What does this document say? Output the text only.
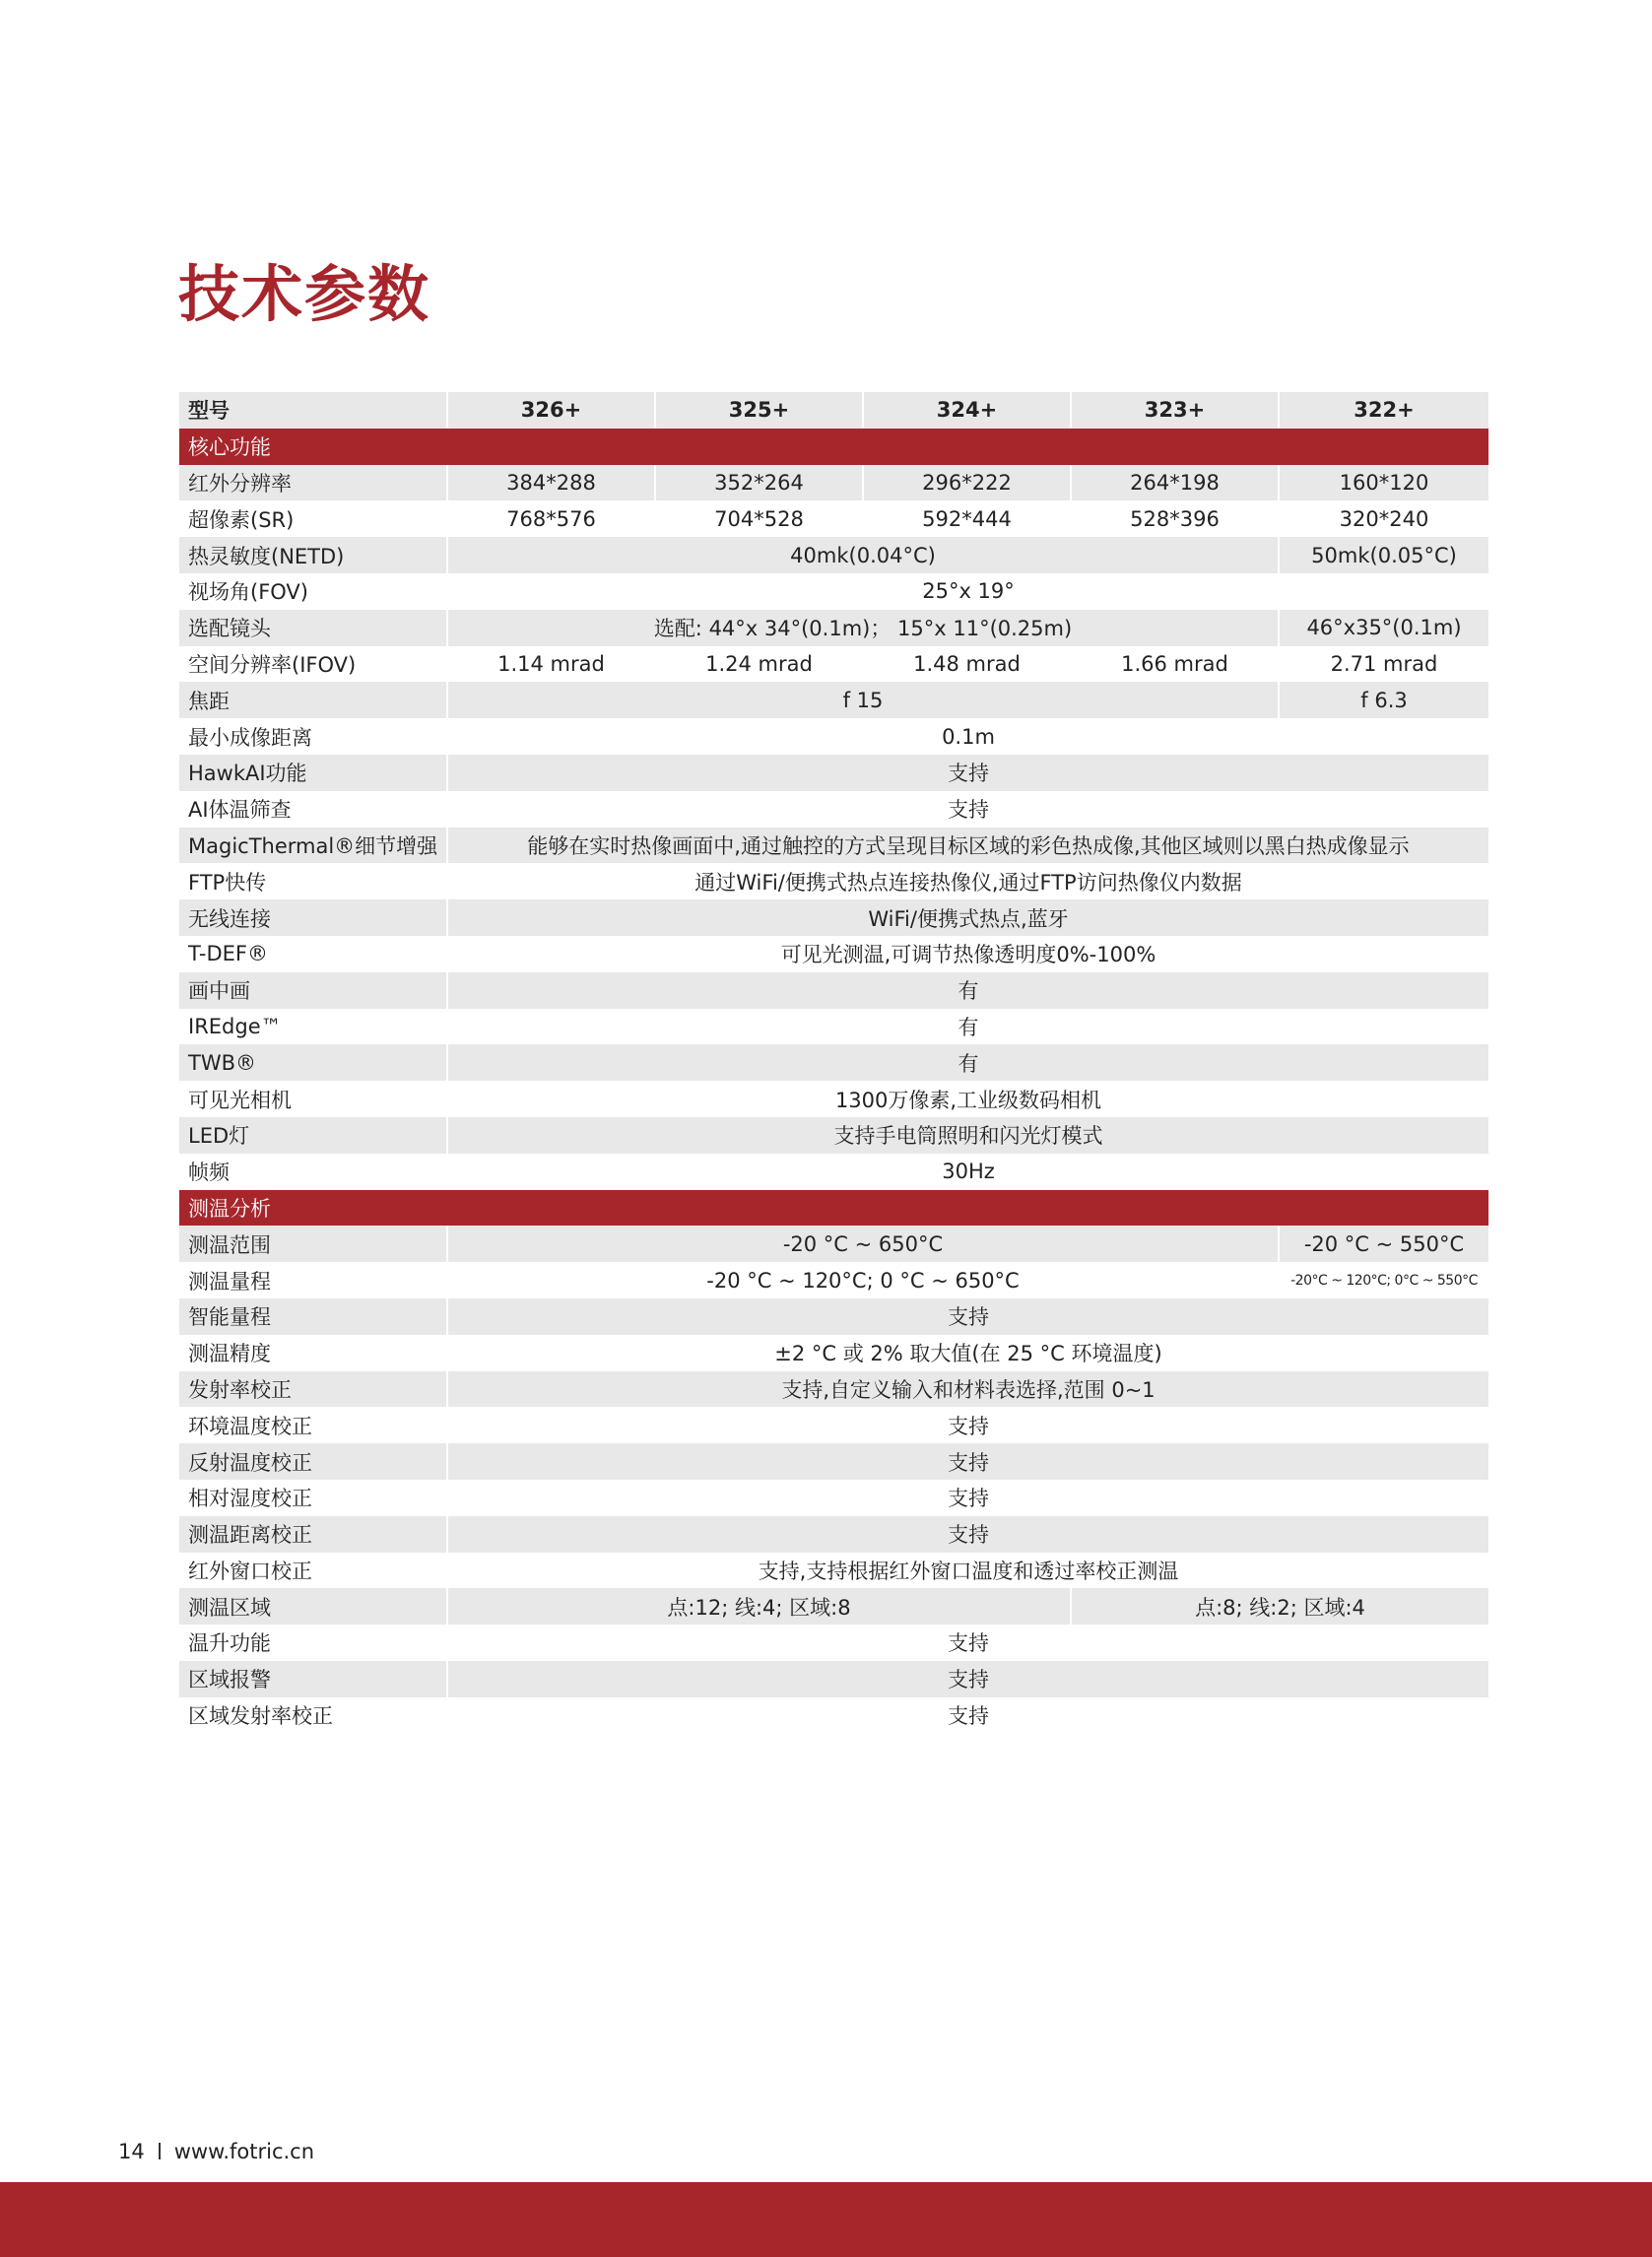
技术参数
型号	326+	325+	324+	323+	322+
核心功能					
红外分辨率	384*288	352*264	296*222	264*198	160*120
超像素(SR)	768*576	704*528	592*444	528*396	320*240
热灵敏度(NETD)	40mk(0.04°C)				50mk(0.05°C)
视场角(FOV)	25°x 19°				
选配镜头	选配: 44°x 34°(0.1m)； 15°x 11°(0.25m)				46°x35°(0.1m)
空间分辨率(IFOV)	1.14 mrad	1.24 mrad	1.48 mrad	1.66 mrad	2.71 mrad
焦距	f 15				f 6.3
最小成像距离	0.1m				
HawkAI功能	支持				
AI体温筛查	支持				
MagicThermal®细节增强	能够在实时热像画面中,通过触控的方式呈现目标区域的彩色热成像,其他区域则以黑白热成像显示				
FTP快传	通过WiFi/便携式热点连接热像仪,通过FTP访问热像仪内数据				
无线连接	WiFi/便携式热点,蓝牙				
T-DEF®	可见光测温,可调节热像透明度0%-100%				
画中画	有				
IREdge™	有				
TWB®	有				
可见光相机	1300万像素,工业级数码相机				
LED灯	支持手电筒照明和闪光灯模式				
帧频	30Hz				
测温分析					
测温范围	-20 °C ~ 650°C				-20 °C ~ 550°C
测温量程	-20 °C ~ 120°C; 0 °C ~ 650°C				-20°C ~ 120°C; 0°C ~ 550°C
智能量程	支持				
测温精度	±2 °C 或 2% 取大值(在 25 °C 环境温度)				
发射率校正	支持,自定义输入和材料表选择,范围 0~1				
环境温度校正	支持				
反射温度校正	支持				
相对湿度校正	支持				
测温距离校正	支持				
红外窗口校正	支持,支持根据红外窗口温度和透过率校正测温				
测温区域	点:12; 线:4; 区域:8			点:8; 线:2; 区域:4	
温升功能	支持				
区域报警	支持				
区域发射率校正	支持				
14 www.fotric.cn
